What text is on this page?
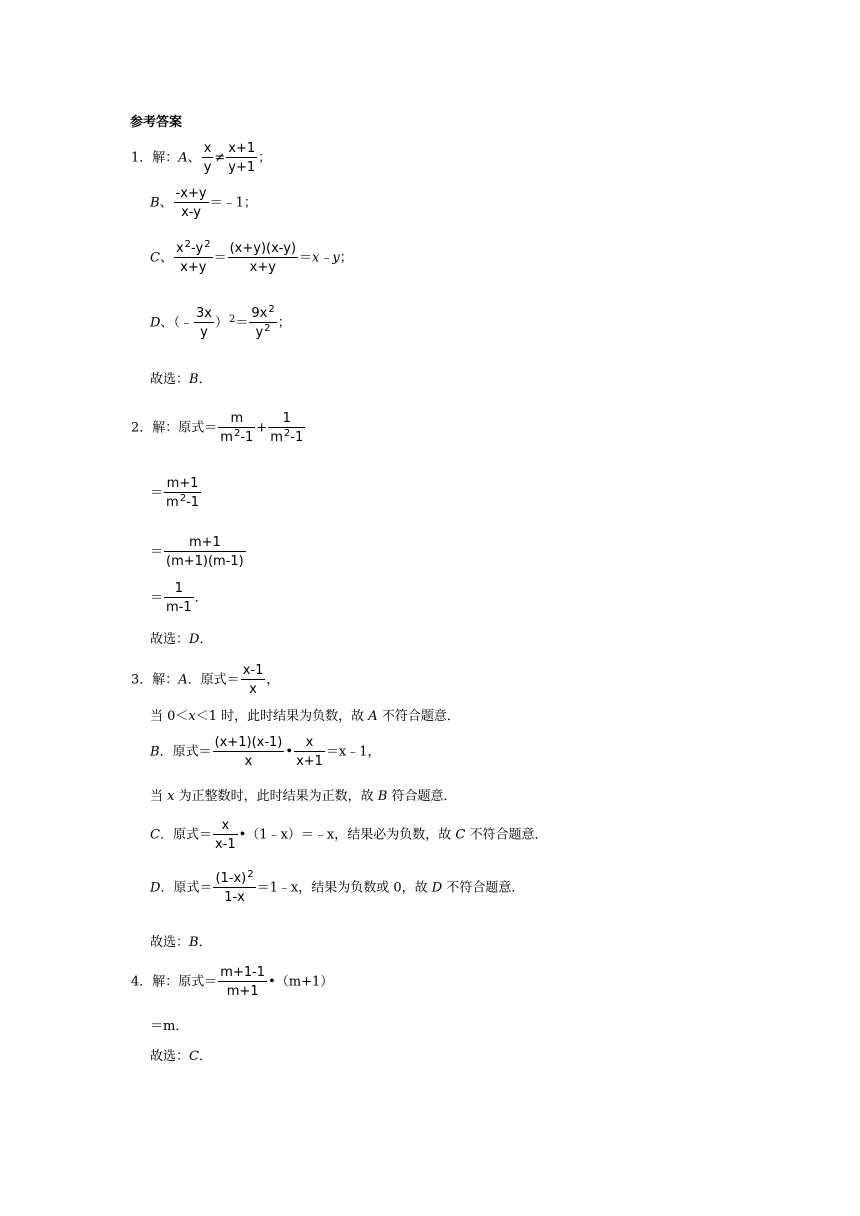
参考答案
1．解：A、 $\frac{x}{y} \ne \frac{x+1}{y+1}$ ；
B、 $\frac{-x+y}{x-y}$ ＝﹣1；
C、 $\frac{x^2-y^2}{x+y} = \frac{(x+y)(x-y)}{x+y}$ ＝x﹣y；
D、（﹣ $\frac{3x}{y} )^2= \frac{9x^2}{y^2}$ ；
故选：B．
2．解：原式＝ $\frac{m}{m^2-1} + \frac{1}{m^2-1}$
＝ $\frac{m+1}{m^2-1}$
＝ $\frac{m+1}{(m+1)(m-1)}$
＝ $\frac{1}{m-1}$ ．
故选：D．
3．解：A．原式＝ $\frac{x-1}{x}$ ，
当 0＜x＜1 时，此时结果为负数，故 A 不符合题意．
B．原式＝ $\frac{(x+1)(x-1)}{x}$ • $\frac{x}{x+1}$ ＝x﹣1，
当 x 为正整数时，此时结果为正数，故 B 符合题意．
C．原式＝ $\frac{x}{x-1}$ •（1﹣x）＝﹣x，结果必为负数，故 C 不符合题意．
D．原式＝ $\frac{(1-x)^2}{1-x}$ ＝1﹣x，结果为负数或 0，故 D 不符合题意．
故选：B．
4．解：原式＝ $\frac{m+1-1}{m+1}$ •（m+1）
＝m．
故选：C．
